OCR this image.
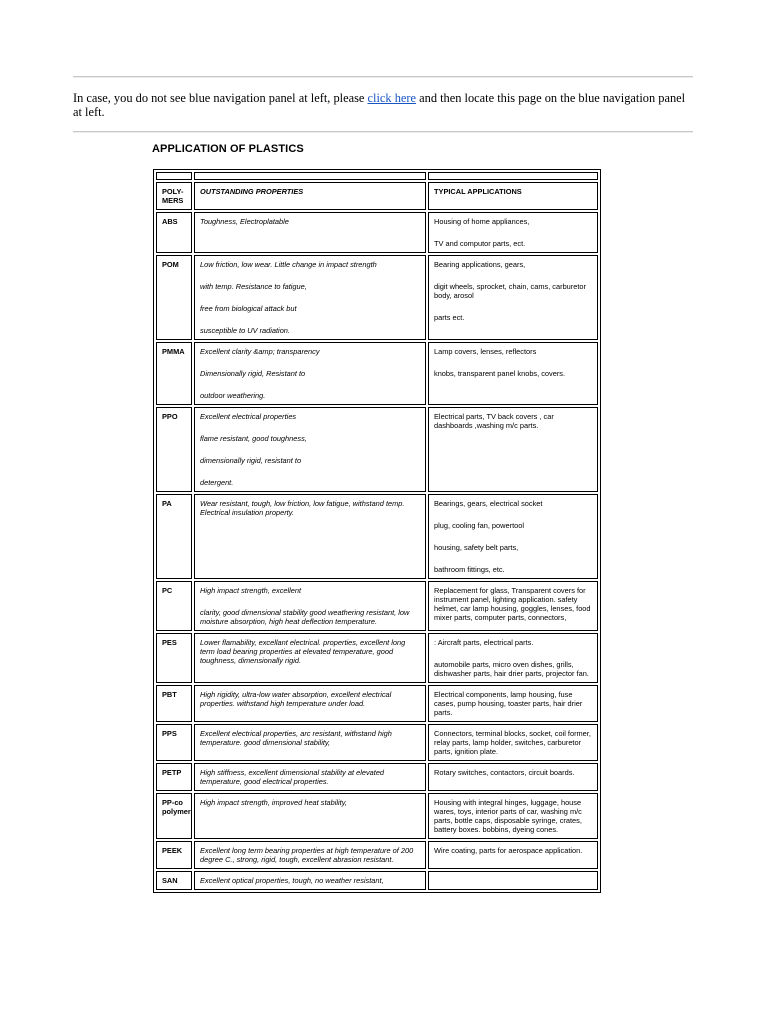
In case, you do not see blue navigation panel at left, please click here and then locate this page on the blue navigation panel at left.
APPLICATION OF PLASTICS

POLY-MERS	OUTSTANDING PROPERTIES	TYPICAL APPLICATIONS
ABS	Toughness, Electroplatable	Housing of home appliances,
TV and computor parts, ect.

POM	Low friction, low wear. Little change in impact strength
with temp. Resistance to fatigue,
free from biological attack but
susceptible to UV radiation.	Bearing applications, gears,
digit wheels, sprocket, chain, cams, carburetor body, arosol
parts ect.

PMMA	Excellent clarity &amp; transparency
Dimensionally rigid, Resistant to
outdoor weathering.	Lamp covers, lenses, reflectors
knobs, transparent panel knobs, covers.

PPO	Excellent electrical properties
flame resistant, good toughness,
dimensionally rigid, resistant to
detergent.	Electrical parts, TV back covers , car dashboards ,washing m/c parts.

PA	Wear resistant, tough, low friction, low fatigue, withstand temp. Electrical insulation property.	Bearings, gears, electrical socket
plug, cooling fan, powertool
housing, safety belt parts,
bathroom fittings, etc.

PC	High impact strength, excellent
clarity, good dimensional stability good weathering resistant, low moisture absorption, high heat deflection temperature.	Replacement for glass, Transparent covers for instrument panel, lighting application. safety helmet, car lamp housing, goggles, lenses, food mixer parts, computer parts, connectors,

PES	Lower flamability, excellant electrical. properties, excellent long term load bearing properties at elevated temperature, good toughness, dimensionally rigid.	: Aircraft parts, electrical parts.
automobile parts, micro oven dishes, grills, dishwasher parts, hair drier parts, projector fan.

PBT	High rigidity, ultra-low water absorption, excellent electrical properties. withstand high temperature under load.	Electrical components, lamp housing, fuse cases, pump housing, toaster parts, hair drier parts.

PPS	Excellent electrical properties, arc resistant, withstand high temperature. good dimensional stability,	Connectors, terminal blocks, socket, coil former, relay parts, lamp holder, switches, carburetor parts, ignition plate.

PETP	High stiffness, excellent dimensional stability at elevated temperature, good electrical properties.	Rotary switches, contactors, circuit boards.

PP-co polymer	High impact strength, improved heat stability,	Housing with integral hinges, luggage, house wares, toys, interior parts of car, washing m/c parts, bottle caps, disposable syringe, crates, battery boxes. bobbins, dyeing cones.

PEEK	Excellent long term bearing properties at high temperature of 200 degree C., strong, rigid, tough, excellent abrasion resistant.	Wire coating, parts for aerospace application.

SAN	Excellent optical properties, tough, no weather resistant,	
